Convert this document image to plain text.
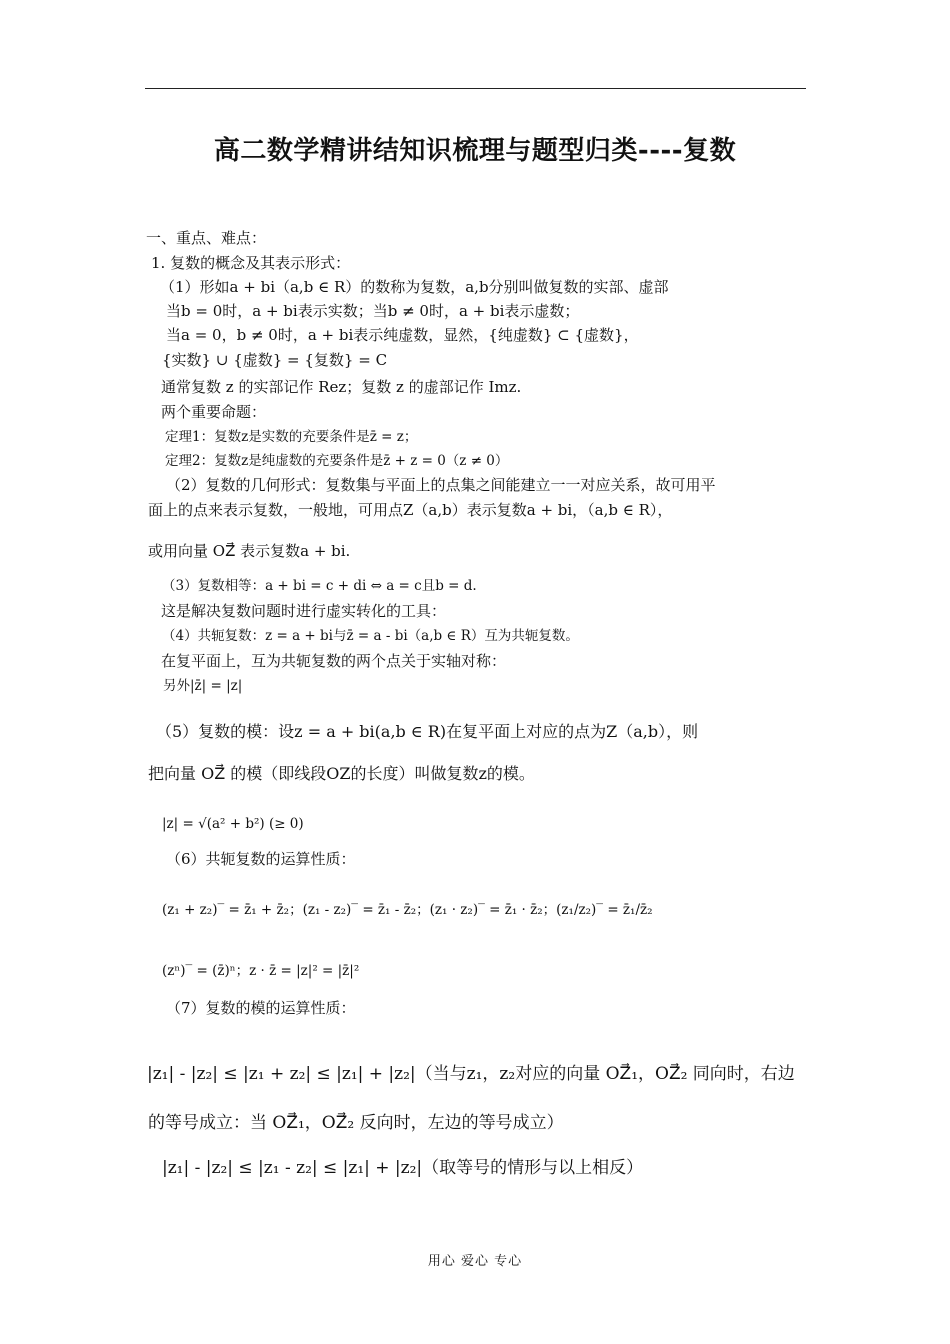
高二数学精讲结知识梳理与题型归类----复数
一、重点、难点：
1. 复数的概念及其表示形式：
（1）形如a + bi（a,b ∈ R）的数称为复数，a,b分别叫做复数的实部、虚部
当b = 0时，a + bi表示实数；当b ≠ 0时，a + bi表示虚数；
当a = 0，b ≠ 0时，a + bi表示纯虚数，显然，{纯虚数} ⊂ {虚数}，
{实数} ∪ {虚数} = {复数} = C
通常复数 z 的实部记作 Rez；复数 z 的虚部记作 Imz.
两个重要命题：
定理1：复数z是实数的充要条件是z̄ = z；
定理2：复数z是纯虚数的充要条件是z̄ + z = 0（z ≠ 0）
（2）复数的几何形式：复数集与平面上的点集之间能建立一一对应关系，故可用平
面上的点来表示复数，一般地，可用点Z（a,b）表示复数a + bi，（a,b ∈ R），
或用向量 OZ⃗ 表示复数a + bi.
（3）复数相等：a + bi = c + di ⇔ a = c且b = d.
这是解决复数问题时进行虚实转化的工具：
（4）共轭复数：z = a + bi与z̄ = a - bi（a,b ∈ R）互为共轭复数。
在复平面上，互为共轭复数的两个点关于实轴对称：
另外|z̄| = |z|
（5）复数的模：设z = a + bi(a,b ∈ R)在复平面上对应的点为Z（a,b），则
把向量 OZ⃗ 的模（即线段OZ的长度）叫做复数z的模。
|z| = √(a² + b²) (≥ 0)
（6）共轭复数的运算性质：
(z₁ + z₂)‾ = z̄₁ + z̄₂；(z₁ - z₂)‾ = z̄₁ - z̄₂；(z₁ · z₂)‾ = z̄₁ · z̄₂；(z₁/z₂)‾ = z̄₁/z̄₂
(zⁿ)‾ = (z̄)ⁿ；z · z̄ = |z|² = |z̄|²
（7）复数的模的运算性质：
|z₁| - |z₂| ≤ |z₁ + z₂| ≤ |z₁| + |z₂|（当与z₁，z₂对应的向量 OZ⃗₁，OZ⃗₂ 同向时，右边
的等号成立：当 OZ⃗₁，OZ⃗₂ 反向时，左边的等号成立）
|z₁| - |z₂| ≤ |z₁ - z₂| ≤ |z₁| + |z₂|（取等号的情形与以上相反）
用心 爱心 专心
